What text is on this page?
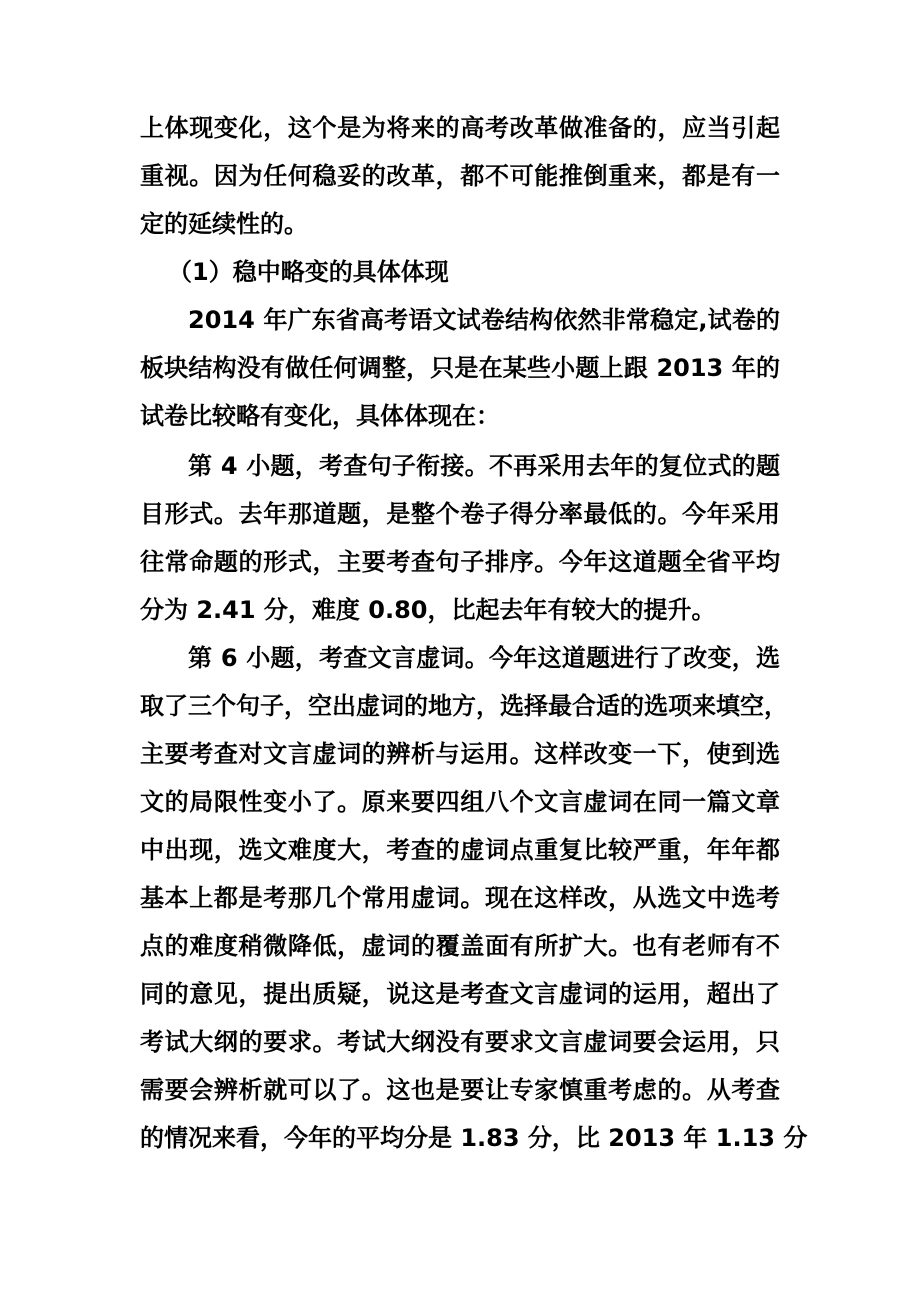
上体现变化，这个是为将来的高考改革做准备的，应当引起
重视。因为任何稳妥的改革，都不可能推倒重来，都是有一
定的延续性的。
（1）稳中略变的具体体现
2014 年广东省高考语文试卷结构依然非常稳定,试卷的
板块结构没有做任何调整，只是在某些小题上跟 2013 年的
试卷比较略有变化，具体体现在：
第 4 小题，考查句子衔接。不再采用去年的复位式的题
目形式。去年那道题，是整个卷子得分率最低的。今年采用
往常命题的形式，主要考查句子排序。今年这道题全省平均
分为 2.41 分，难度 0.80，比起去年有较大的提升。
第 6 小题，考查文言虚词。今年这道题进行了改变，选
取了三个句子，空出虚词的地方，选择最合适的选项来填空，
主要考查对文言虚词的辨析与运用。这样改变一下，使到选
文的局限性变小了。原来要四组八个文言虚词在同一篇文章
中出现，选文难度大，考查的虚词点重复比较严重，年年都
基本上都是考那几个常用虚词。现在这样改，从选文中选考
点的难度稍微降低，虚词的覆盖面有所扩大。也有老师有不
同的意见，提出质疑，说这是考查文言虚词的运用，超出了
考试大纲的要求。考试大纲没有要求文言虚词要会运用，只
需要会辨析就可以了。这也是要让专家慎重考虑的。从考查
的情况来看，今年的平均分是 1.83 分，比 2013 年 1.13 分
